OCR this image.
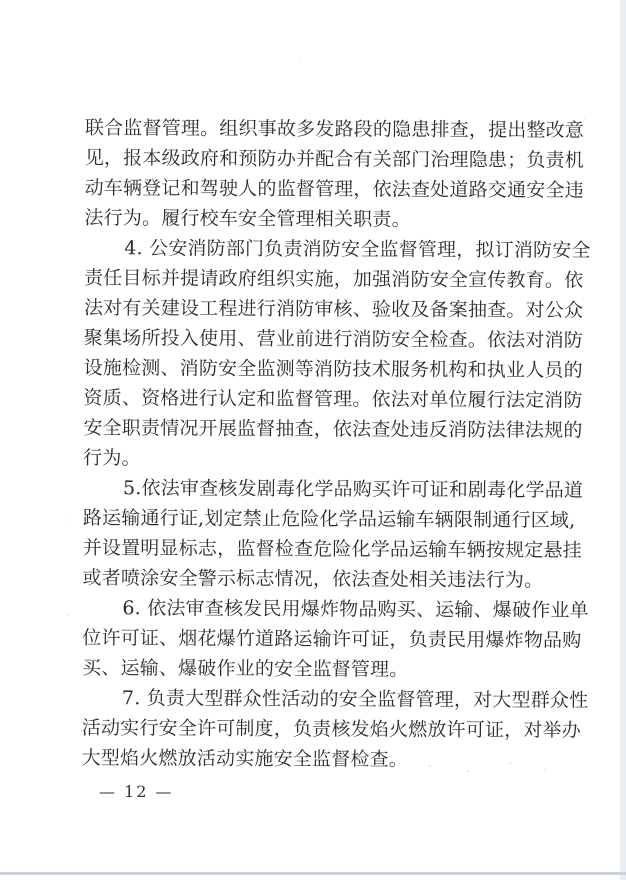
联合监督管理。组织事故多发路段的隐患排查，提出整改意
见，报本级政府和预防办并配合有关部门治理隐患；负责机
动车辆登记和驾驶人的监督管理，依法查处道路交通安全违
法行为。履行校车安全管理相关职责。
4. 公安消防部门负责消防安全监督管理，拟订消防安全
责任目标并提请政府组织实施，加强消防安全宣传教育。依
法对有关建设工程进行消防审核、验收及备案抽查。对公众
聚集场所投入使用、营业前进行消防安全检查。依法对消防
设施检测、消防安全监测等消防技术服务机构和执业人员的
资质、资格进行认定和监督管理。依法对单位履行法定消防
安全职责情况开展监督抽查，依法查处违反消防法律法规的
行为。
5.依法审查核发剧毒化学品购买许可证和剧毒化学品道
路运输通行证,划定禁止危险化学品运输车辆限制通行区域,
并设置明显标志，监督检查危险化学品运输车辆按规定悬挂
或者喷涂安全警示标志情况，依法查处相关违法行为。
6. 依法审查核发民用爆炸物品购买、运输、爆破作业单
位许可证、烟花爆竹道路运输许可证，负责民用爆炸物品购
买、运输、爆破作业的安全监督管理。
7. 负责大型群众性活动的安全监督管理，对大型群众性
活动实行安全许可制度，负责核发焰火燃放许可证，对举办
大型焰火燃放活动实施安全监督检查。
— 12 —
